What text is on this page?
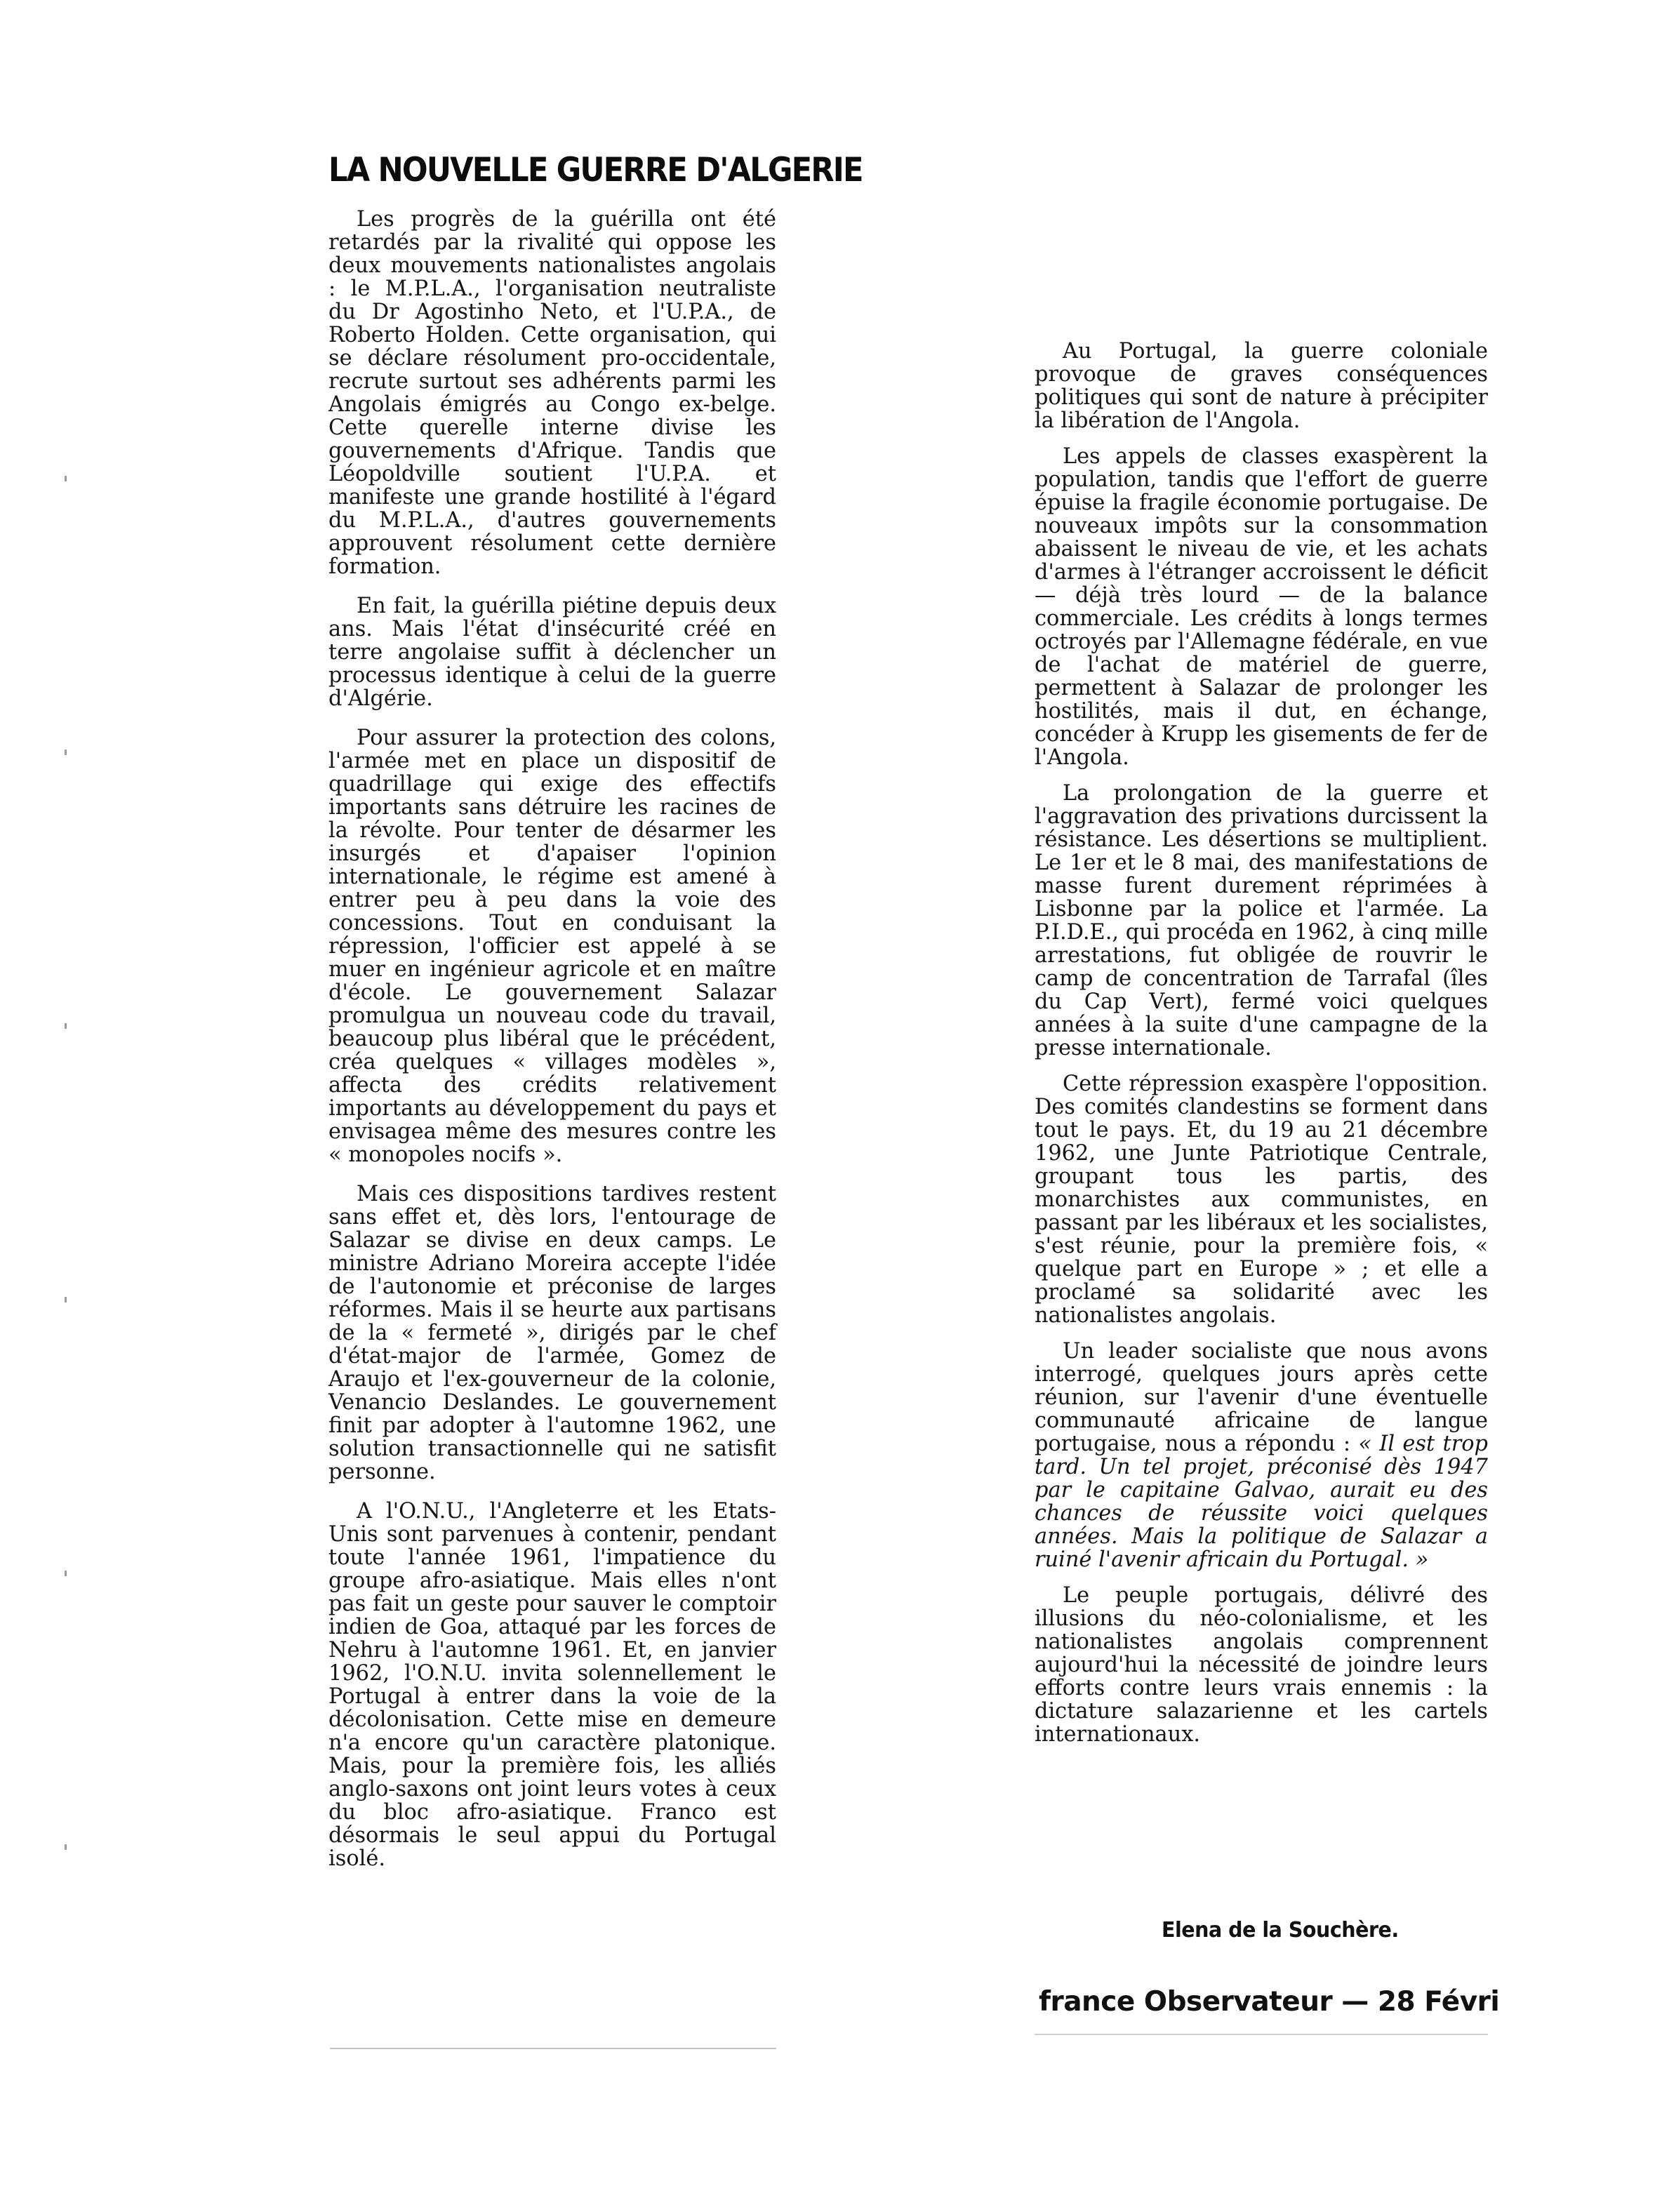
LA NOUVELLE GUERRE D'ALGERIE

Les progrès de la guérilla ont été retardés par la rivalité qui oppose les deux mouvements nationalistes angolais : le M.P.L.A., l'organisation neutraliste du Dr Agostinho Neto, et l'U.P.A., de Roberto Holden. Cette organisation, qui se déclare résolument pro-occidentale, recrute surtout ses adhérents parmi les Angolais émigrés au Congo ex-belge. Cette querelle interne divise les gouvernements d'Afrique. Tandis que Léopoldville soutient l'U.P.A. et manifeste une grande hostilité à l'égard du M.P.L.A., d'autres gouvernements approuvent résolument cette dernière formation.

En fait, la guérilla piétine depuis deux ans. Mais l'état d'insécurité créé en terre angolaise suffit à déclencher un processus identique à celui de la guerre d'Algérie.

Pour assurer la protection des colons, l'armée met en place un dispositif de quadrillage qui exige des effectifs importants sans détruire les racines de la révolte. Pour tenter de désarmer les insurgés et d'apaiser l'opinion internationale, le régime est amené à entrer peu à peu dans la voie des concessions. Tout en conduisant la répression, l'officier est appelé à se muer en ingénieur agricole et en maître d'école. Le gouvernement Salazar promulgua un nouveau code du travail, beaucoup plus libéral que le précédent, créa quelques « villages modèles », affecta des crédits relativement importants au développement du pays et envisagea même des mesures contre les « monopoles nocifs ».

Mais ces dispositions tardives restent sans effet et, dès lors, l'entourage de Salazar se divise en deux camps. Le ministre Adriano Moreira accepte l'idée de l'autonomie et préconise de larges réformes. Mais il se heurte aux partisans de la « fermeté », dirigés par le chef d'état-major de l'armée, Gomez de Araujo et l'ex-gouverneur de la colonie, Venancio Deslandes. Le gouvernement finit par adopter à l'automne 1962, une solution transactionnelle qui ne satisfit personne.

A l'O.N.U., l'Angleterre et les Etats-Unis sont parvenues à contenir, pendant toute l'année 1961, l'impatience du groupe afro-asiatique. Mais elles n'ont pas fait un geste pour sauver le comptoir indien de Goa, attaqué par les forces de Nehru à l'automne 1961. Et, en janvier 1962, l'O.N.U. invita solennellement le Portugal à entrer dans la voie de la décolonisation. Cette mise en demeure n'a encore qu'un caractère platonique. Mais, pour la première fois, les alliés anglo-saxons ont joint leurs votes à ceux du bloc afro-asiatique. Franco est désormais le seul appui du Portugal isolé.

Au Portugal, la guerre coloniale provoque de graves conséquences politiques qui sont de nature à précipiter la libération de l'Angola.

Les appels de classes exaspèrent la population, tandis que l'effort de guerre épuise la fragile économie portugaise. De nouveaux impôts sur la consommation abaissent le niveau de vie, et les achats d'armes à l'étranger accroissent le déficit — déjà très lourd — de la balance commerciale. Les crédits à longs termes octroyés par l'Allemagne fédérale, en vue de l'achat de matériel de guerre, permettent à Salazar de prolonger les hostilités, mais il dut, en échange, concéder à Krupp les gisements de fer de l'Angola.

La prolongation de la guerre et l'aggravation des privations durcissent la résistance. Les désertions se multiplient. Le 1er et le 8 mai, des manifestations de masse furent durement réprimées à Lisbonne par la police et l'armée. La P.I.D.E., qui procéda en 1962, à cinq mille arrestations, fut obligée de rouvrir le camp de concentration de Tarrafal (îles du Cap Vert), fermé voici quelques années à la suite d'une campagne de la presse internationale.

Cette répression exaspère l'opposition. Des comités clandestins se forment dans tout le pays. Et, du 19 au 21 décembre 1962, une Junte Patriotique Centrale, groupant tous les partis, des monarchistes aux communistes, en passant par les libéraux et les socialistes, s'est réunie, pour la première fois, « quelque part en Europe » ; et elle a proclamé sa solidarité avec les nationalistes angolais.

Un leader socialiste que nous avons interrogé, quelques jours après cette réunion, sur l'avenir d'une éventuelle communauté africaine de langue portugaise, nous a répondu : « Il est trop tard. Un tel projet, préconisé dès 1947 par le capitaine Galvao, aurait eu des chances de réussite voici quelques années. Mais la politique de Salazar a ruiné l'avenir africain du Portugal. »

Le peuple portugais, délivré des illusions du néo-colonialisme, et les nationalistes angolais comprennent aujourd'hui la nécessité de joindre leurs efforts contre leurs vrais ennemis : la dictature salazarienne et les cartels internationaux.

Elena de la Souchère.

france Observateur — 28 Févri
